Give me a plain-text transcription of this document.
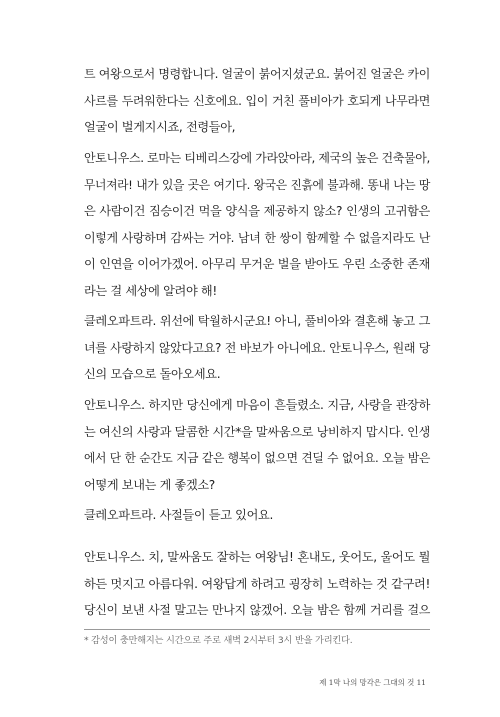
트 여왕으로서 명령합니다. 얼굴이 붉어지셨군요. 붉어진 얼굴은 카이
사르를 두려워한다는 신호에요. 입이 거친 풀비아가 호되게 나무라면
얼굴이 벌게지시죠, 전령들아,
안토니우스. 로마는 티베리스강에 가라앉아라, 제국의 높은 건축물아,
무너져라! 내가 있을 곳은 여기다. 왕국은 진흙에 불과해. 똥내 나는 땅
은 사람이건 짐승이건 먹을 양식을 제공하지 않소? 인생의 고귀함은
이렇게 사랑하며 감싸는 거야. 남녀 한 쌍이 함께할 수 없을지라도 난
이 인연을 이어가겠어. 아무리 무거운 벌을 받아도 우린 소중한 존재
라는 걸 세상에 알려야 해!
클레오파트라. 위선에 탁월하시군요! 아니, 풀비아와 결혼해 놓고 그
녀를 사랑하지 않았다고요? 전 바보가 아니에요. 안토니우스, 원래 당
신의 모습으로 돌아오세요.
안토니우스. 하지만 당신에게 마음이 흔들렸소. 지금, 사랑을 관장하
는 여신의 사랑과 달콤한 시간*을 말싸움으로 낭비하지 맙시다. 인생
에서 단 한 순간도 지금 같은 행복이 없으면 견딜 수 없어요. 오늘 밤은
어떻게 보내는 게 좋겠소?
클레오파트라. 사절들이 듣고 있어요.
안토니우스. 치, 말싸움도 잘하는 여왕님! 혼내도, 웃어도, 울어도 뭘
하든 멋지고 아름다워. 여왕답게 하려고 굉장히 노력하는 것 같구려!
당신이 보낸 사절 말고는 만나지 않겠어. 오늘 밤은 함께 거리를 걸으
* 감성이 충만해지는 시간으로 주로 새벽 2시부터 3시 반을 가리킨다.
제 1막 나의 망각은 그대의 것 11
